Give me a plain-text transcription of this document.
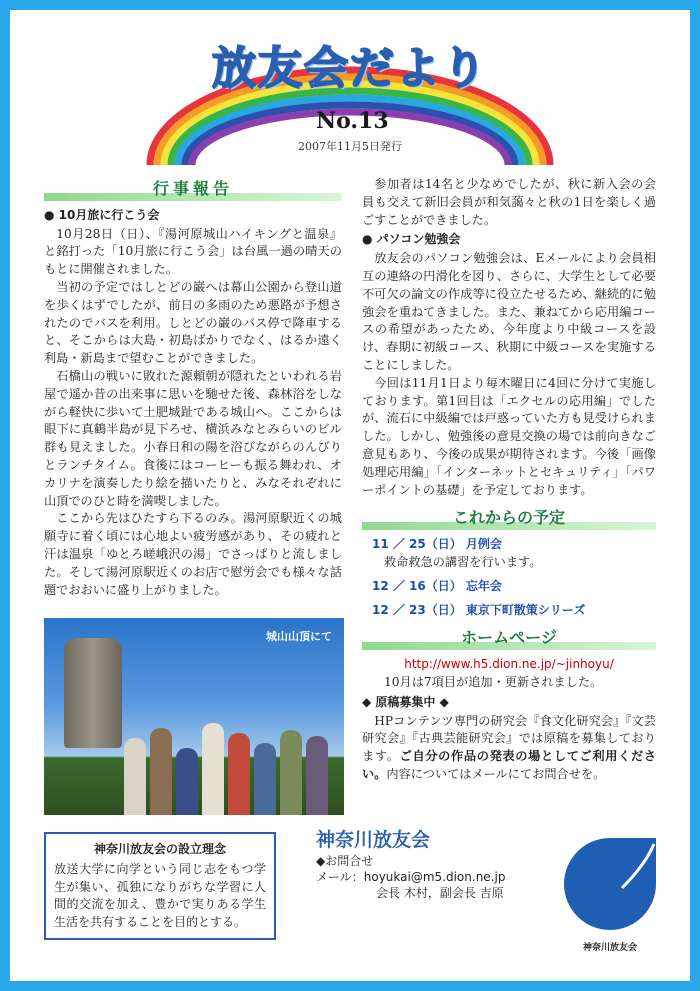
放友会だより
No.13
2007年11月5日発行
行事報告
● 10月旅に行こう会

10月28日（日）、『湯河原城山ハイキングと温泉』と銘打った「10月旅に行こう会」は台風一過の晴天のもとに開催されました。

当初の予定ではしとどの巌へは幕山公園から登山道を歩くはずでしたが、前日の多雨のため悪路が予想されたのでバスを利用。しとどの巌のバス停で降車すると、そこからは大島・初島ばかりでなく、はるか遠く利島・新島まで望むことができました。

石橋山の戦いに敗れた源頼朝が隠れたといわれる岩屋で遥か昔の出来事に思いを馳せた後、森林浴をしながら軽快に歩いて土肥城趾である城山へ。ここからは眼下に真鶴半島が見下ろせ、横浜みなとみらいのビル群も見えました。小春日和の陽を浴びながらのんびりとランチタイム。食後にはコーヒーも振る舞われ、オカリナを演奏したり絵を描いたりと、みなそれぞれに山頂でのひと時を満喫しました。

ここから先はひたすら下るのみ。湯河原駅近くの城願寺に着く頃には心地よい疲労感があり、その疲れと汗は温泉「ゆとろ嵯峨沢の湯」でさっぱりと流しました。そして湯河原駅近くのお店で慰労会でも様々な話題でおおいに盛り上がりました。

城山山頂にて

参加者は14名と少なめでしたが、秋に新入会の会員も交えて新旧会員が和気藹々と秋の1日を楽しく過ごすことができました。

● パソコン勉強会

放友会のパソコン勉強会は、Eメールにより会員相互の連絡の円滑化を図り、さらに、大学生として必要不可欠の論文の作成等に役立たせるため、継続的に勉強会を重ねてきました。また、兼ねてから応用編コースの希望があったため、今年度より中級コースを設け、春期に初級コース、秋期に中級コースを実施することにしました。

今回は11月1日より毎木曜日に4回に分けて実施しております。第1回目は「エクセルの応用編」でしたが、流石に中級編では戸惑っていた方も見受けられました。しかし、勉強後の意見交換の場では前向きなご意見もあり、今後の成果が期待されます。今後「画像処理応用編」「インターネットとセキュリティ」「パワーポイントの基礎」を予定しております。

これからの予定
11 ／ 25（日） 月例会
救命救急の講習を行います。
12 ／ 16（日） 忘年会
12 ／ 23（日） 東京下町散策シリーズ
ホームページ
http://www.h5.dion.ne.jp/~jinhoyu/
10月は7項目が追加・更新されました。
◆ 原稿募集中 ◆

HPコンテンツ専門の研究会『食文化研究会』『文芸研究会』『古典芸能研究会』では原稿を募集しております。ご自分の作品の発表の場としてご利用ください。内容についてはメールにてお問合せを。

神奈川放友会の設立理念

放送大学に向学という同じ志をもつ学生が集い、孤独になりがちな学習に人間的交流を加え、豊かで実りある学生生活を共有することを目的とする。

神奈川放友会
◆お問合せ
メール：hoyukai@m5.dion.ne.jp
会長 木村，副会長 吉原
神奈川放友会
